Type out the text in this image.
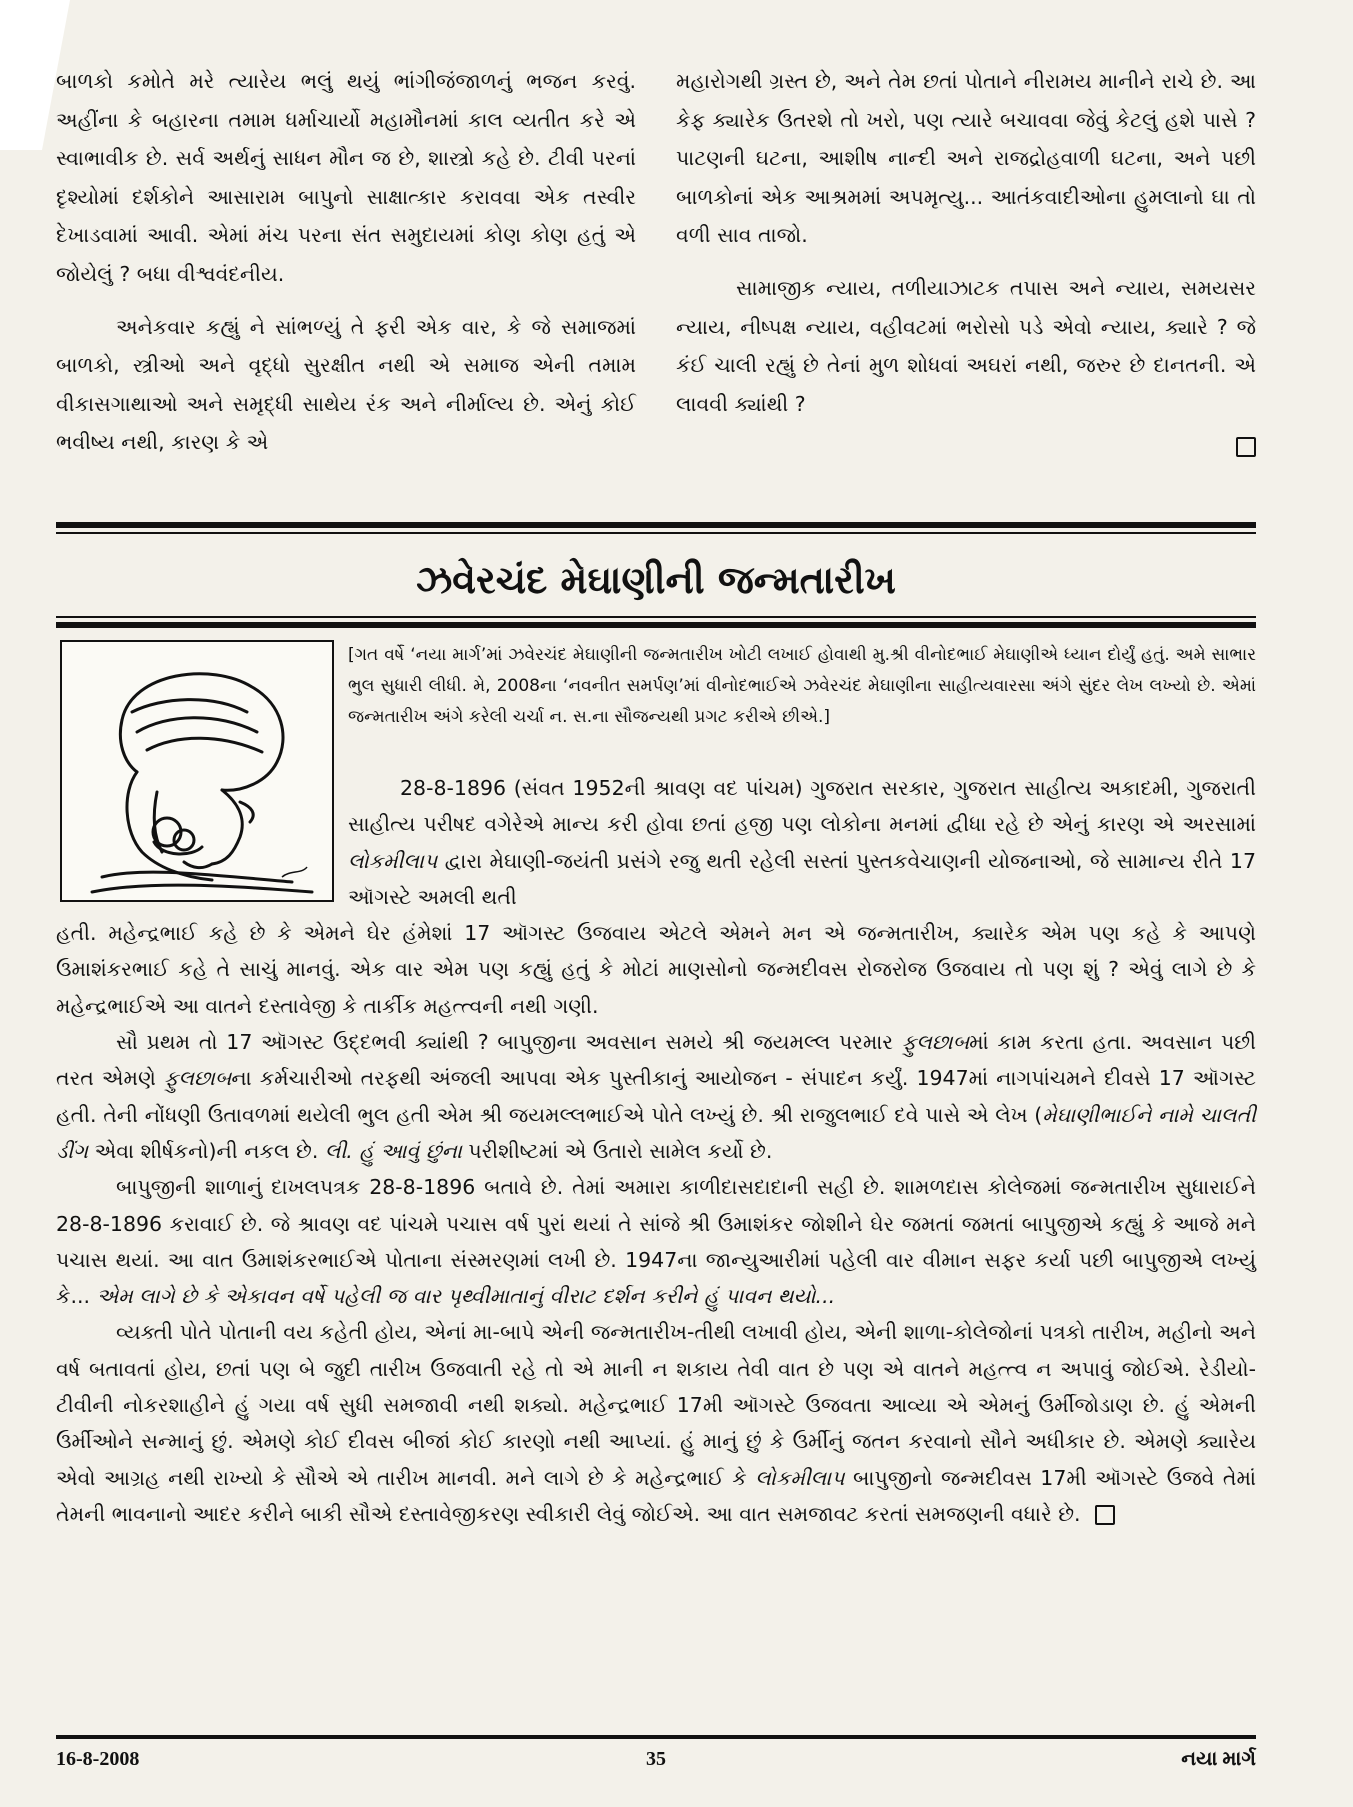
બાળકો કમોતે મરે ત્યારેય ભલું થયું ભાંગીજંજાળનું ભજન કરવું. અહીંના કે બહારના તમામ ધર્માચાર્યો મહામૌનમાં કાલ વ્યતીત કરે એ સ્વાભાવીક છે. સર્વ અર્થનું સાધન મૌન જ છે, શાસ્ત્રો કહે છે. ટીવી પરનાં દૃશ્યોમાં દર્શકોને આસારામ બાપુનો સાક્ષાત્કાર કરાવવા એક તસ્વીર દેખાડવામાં આવી. એમાં મંચ પરના સંત સમુદાયમાં કોણ કોણ હતું એ જોયેલું ? બધા વીશ્વવંદનીય.

અનેકવાર કહ્યું ને સાંભળ્યું તે ફરી એક વાર, કે જે સમાજમાં બાળકો, સ્ત્રીઓ અને વૃદ્ધો સુરક્ષીત નથી એ સમાજ એની તમામ વીકાસગાથાઓ અને સમૃદ્ધી સાથેય રંક અને નીર્માલ્ય છે. એનું કોઈ ભવીષ્ય નથી, કારણ કે એ

મહારોગથી ગ્રસ્ત છે, અને તેમ છતાં પોતાને નીરામય માનીને રાચે છે. આ કેફ ક્યારેક ઉતરશે તો ખરો, પણ ત્યારે બચાવવા જેવું કેટલું હશે પાસે ? પાટણની ઘટના, આશીષ નાન્દી અને રાજદ્રોહવાળી ઘટના, અને પછી બાળકોનાં એક આશ્રમમાં અપમૃત્યુ... આતંકવાદીઓના હુમલાનો ઘા તો વળી સાવ તાજો.

સામાજીક ન્યાય, તળીયાઝાટક તપાસ અને ન્યાય, સમયસર ન્યાય, નીષ્પક્ષ ન્યાય, વહીવટમાં ભરોસો પડે એવો ન્યાય, ક્યારે ? જે કંઈ ચાલી રહ્યું છે તેનાં મુળ શોધવાં અઘરાં નથી, જરુર છે દાનતની. એ લાવવી ક્યાંથી ?

ઝવેરચંદ મેઘાણીની જન્મતારીખ
[ગત વર્ષે ‘નયા માર્ગ’માં ઝવેરચંદ મેઘાણીની જન્મતારીખ ખોટી લખાઈ હોવાથી મુ.શ્રી વીનોદભાઈ મેઘાણીએ ધ્યાન દોર્યું હતું. અમે સાભાર ભુલ સુધારી લીધી. મે, 2008ના ‘નવનીત સમર્પણ’માં વીનોદભાઈએ ઝવેરચંદ મેઘાણીના સાહીત્યવારસા અંગે સુંદર લેખ લખ્યો છે. એમાં જન્મતારીખ અંગે કરેલી ચર્ચા ન. સ.ના સૌજન્યથી પ્રગટ કરીએ છીએ.]

28-8-1896 (સંવત 1952ની શ્રાવણ વદ પાંચમ) ગુજરાત સરકાર, ગુજરાત સાહીત્ય અકાદમી, ગુજરાતી સાહીત્ય પરીષદ વગેરેએ માન્ય કરી હોવા છતાં હજી પણ લોકોના મનમાં દ્વીધા રહે છે એનું કારણ એ અરસામાં લોકમીલાપ દ્વારા મેઘાણી-જયંતી પ્રસંગે રજુ થતી રહેલી સસ્તાં પુસ્તકવેચાણની યોજનાઓ, જે સામાન્ય રીતે 17 ઑગસ્ટે અમલી થતી

હતી. મહેન્દ્રભાઈ કહે છે કે એમને ઘેર હંમેશાં 17 ઑગસ્ટ ઉજવાય એટલે એમને મન એ જન્મતારીખ, ક્યારેક એમ પણ કહે કે આપણે ઉમાશંકરભાઈ કહે તે સાચું માનવું. એક વાર એમ પણ કહ્યું હતું કે મોટાં માણસોનો જન્મદીવસ રોજરોજ ઉજવાય તો પણ શું ? એવું લાગે છે કે મહેન્દ્રભાઈએ આ વાતને દસ્તાવેજી કે તાર્કીક મહત્ત્વની નથી ગણી.

સૌ પ્રથમ તો 17 ઑગસ્ટ ઉદ્દભવી ક્યાંથી ? બાપુજીના અવસાન સમયે શ્રી જયમલ્લ પરમાર ફુલછાબમાં કામ કરતા હતા. અવસાન પછી તરત એમણે ફુલછાબના કર્મચારીઓ તરફથી અંજલી આપવા એક પુસ્તીકાનું આયોજન - સંપાદન કર્યું. 1947માં નાગપાંચમને દીવસે 17 ઑગસ્ટ હતી. તેની નોંધણી ઉતાવળમાં થયેલી ભુલ હતી એમ શ્રી જયમલ્લભાઈએ પોતે લખ્યું છે. શ્રી રાજુલભાઈ દવે પાસે એ લેખ (મેઘાણીભાઈને નામે ચાલતી ડીંગ એવા શીર્ષકનો)ની નકલ છે. લી. હું આવું છુંના પરીશીષ્ટમાં એ ઉતારો સામેલ કર્યો છે.

બાપુજીની શાળાનું દાખલપત્રક 28-8-1896 બતાવે છે. તેમાં અમારા કાળીદાસદાદાની સહી છે. શામળદાસ કોલેજમાં જન્મતારીખ સુધારાઈને 28-8-1896 કરાવાઈ છે. જે શ્રાવણ વદ પાંચમે પચાસ વર્ષ પુરાં થયાં તે સાંજે શ્રી ઉમાશંકર જોશીને ઘેર જમતાં જમતાં બાપુજીએ કહ્યું કે આજે મને પચાસ થયાં. આ વાત ઉમાશંકરભાઈએ પોતાના સંસ્મરણમાં લખી છે. 1947ના જાન્યુઆરીમાં પહેલી વાર વીમાન સફર કર્યા પછી બાપુજીએ લખ્યું કે... એમ લાગે છે કે એકાવન વર્ષે પહેલી જ વાર પૃથ્વીમાતાનું વીરાટ દર્શન કરીને હું પાવન થયો...

વ્યક્તી પોતે પોતાની વય કહેતી હોય, એનાં મા-બાપે એની જન્મતારીખ-તીથી લખાવી હોય, એની શાળા-કોલેજોનાં પત્રકો તારીખ, મહીનો અને વર્ષ બતાવતાં હોય, છતાં પણ બે જુદી તારીખ ઉજવાતી રહે તો એ માની ન શકાય તેવી વાત છે પણ એ વાતને મહત્ત્વ ન અપાવું જોઈએ. રેડીયો-ટીવીની નોકરશાહીને હું ગયા વર્ષ સુધી સમજાવી નથી શક્યો. મહેન્દ્રભાઈ 17મી ઑગસ્ટે ઉજવતા આવ્યા એ એમનું ઉર્મીજોડાણ છે. હું એમની ઉર્મીઓને સન્માનું છું. એમણે કોઈ દીવસ બીજાં કોઈ કારણો નથી આપ્યાં. હું માનું છું કે ઉર્મીનું જતન કરવાનો સૌને અધીકાર છે. એમણે ક્યારેય એવો આગ્રહ નથી રાખ્યો કે સૌએ એ તારીખ માનવી. મને લાગે છે કે મહેન્દ્રભાઈ કે લોકમીલાપ બાપુજીનો જન્મદીવસ 17મી ઑગસ્ટે ઉજવે તેમાં તેમની ભાવનાનો આદર કરીને બાકી સૌએ દસ્તાવેજીકરણ સ્વીકારી લેવું જોઈએ. આ વાત સમજાવટ કરતાં સમજણની વધારે છે.

16-8-2008	35	નયા માર્ગ
